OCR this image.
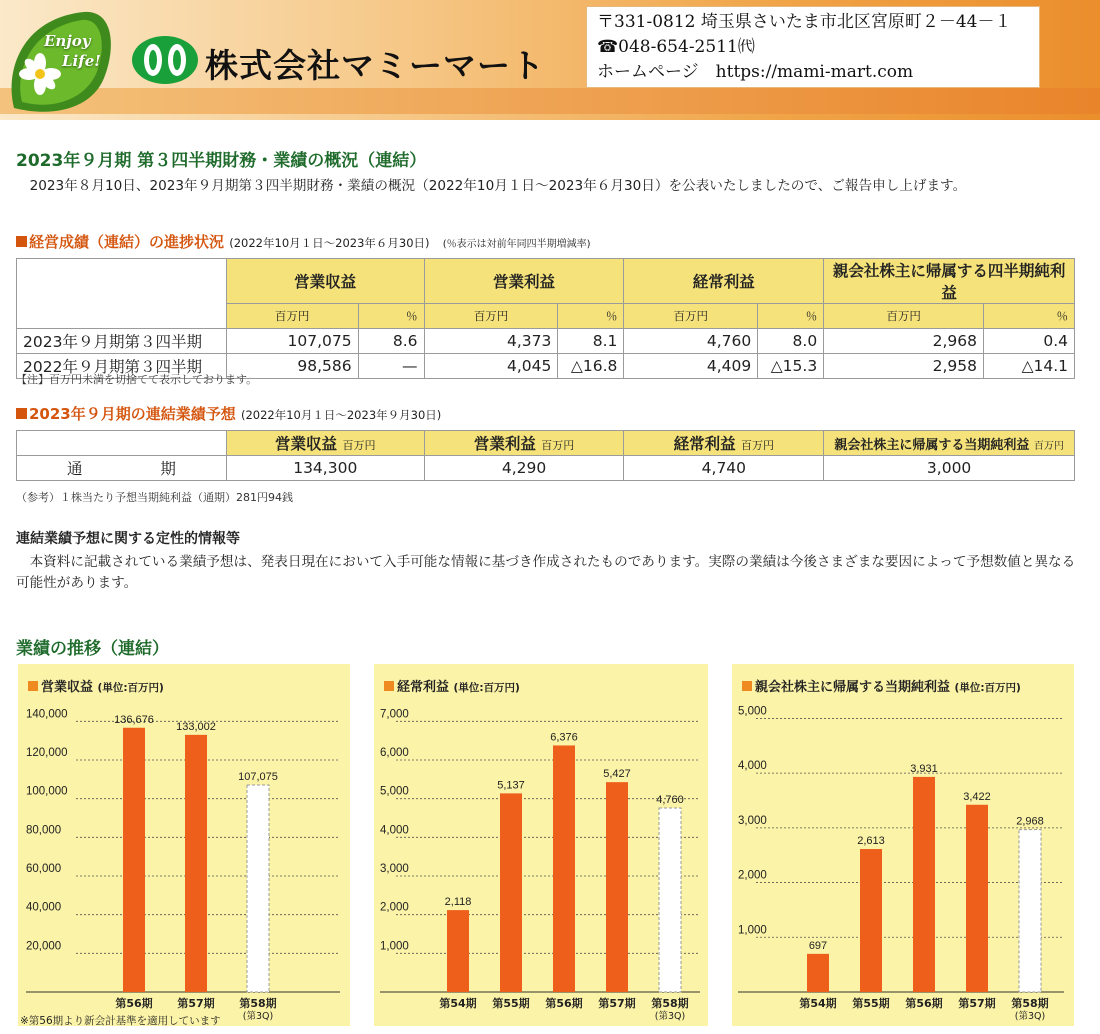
Enjoy
Life!	株式会社マミーマート
〒331-0812 埼玉県さいたま市北区宮原町２－44－１
☎048-654-2511㈹
ホームページ　https://mami-mart.com
2023年９月期 第３四半期財務・業績の概況（連結）
2023年８月10日、2023年９月期第３四半期財務・業績の概況（2022年10月１日～2023年６月30日）を公表いたしましたので、ご報告申し上げます。
経営成績（連結）の進捗状況 (2022年10月１日～2023年６月30日) (％表示は対前年同四半期増減率)
	営業収益		営業利益		経常利益		親会社株主に帰属する四半期純利益	
	百万円	％	百万円	％	百万円	％	百万円	％
2023年９月期第３四半期	107,075	8.6	4,373	8.1	4,760	8.0	2,968	0.4
2022年９月期第３四半期	98,586	—	4,045	△16.8	4,409	△15.3	2,958	△14.1
【注】百万円未満を切捨てて表示しております。
2023年９月期の連結業績予想 (2022年10月１日～2023年９月30日)
	営業収益 百万円	営業利益 百万円	経常利益 百万円	親会社株主に帰属する当期純利益 百万円

通 期	134,300	4,290	4,740	3,000
（参考）１株当たり予想当期純利益（通期）281円94銭
連結業績予想に関する定性的情報等
本資料に記載されている業績予想は、発表日現在において入手可能な情報に基づき作成されたものであります。実際の業績は今後さまざまな要因によって予想数値と異なる可能性があります。
業績の推移（連結）
20,000
40,000
60,000
80,000
100,000
120,000
140,000	136,676
第56期
133,002
第57期
107,075
第58期
(第3Q)
営業収益 (単位:百万円)
1,000
2,000
3,000
4,000
5,000
6,000
7,000
2,118
第54期
5,137
第55期
6,376
第56期
5,427
第57期
4,760
第58期
(第3Q)
経常利益 (単位:百万円)
1,000
2,000
3,000
4,000
5,000
697
第54期
2,613
第55期
3,931
第56期
3,422
第57期
2,968
第58期
(第3Q)
親会社株主に帰属する当期純利益 (単位:百万円)
※第56期より新会計基準を適用しています
